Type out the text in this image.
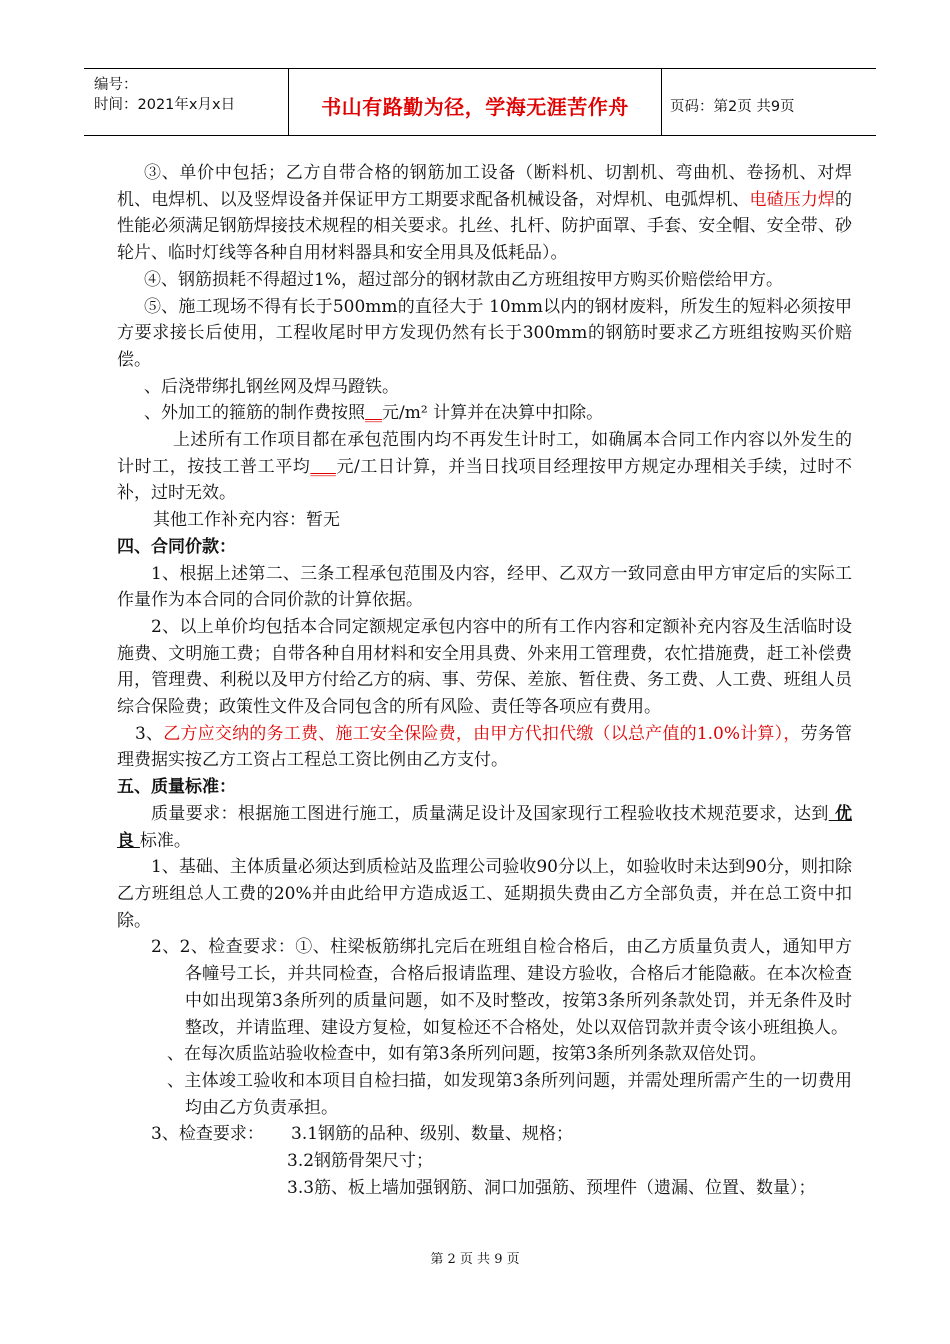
编号：
时间：2021年x月x日	书山有路勤为径，学海无涯苦作舟	页码：第2页 共9页

③、单价中包括；乙方自带合格的钢筋加工设备（断料机、切割机、弯曲机、卷扬机、对焊机、电焊机、以及竖焊设备并保证甲方工期要求配备机械设备，对焊机、电弧焊机、电碴压力焊的性能必须满足钢筋焊接技术规程的相关要求。扎丝、扎杆、防护面罩、手套、安全帽、安全带、砂轮片、临时灯线等各种自用材料器具和安全用具及低耗品）。

④、钢筋损耗不得超过1%，超过部分的钢材款由乙方班组按甲方购买价赔偿给甲方。

⑤、施工现场不得有长于500mm的直径大于 10mm以内的钢材废料，所发生的短料必须按甲方要求接长后使用，工程收尾时甲方发现仍然有长于300mm的钢筋时要求乙方班组按购买价赔偿。

、后浇带绑扎钢丝网及焊马蹬铁。

、外加工的箍筋的制作费按照__元/m² 计算并在决算中扣除。

上述所有工作项目都在承包范围内均不再发生计时工，如确属本合同工作内容以外发生的计时工，按技工普工平均___元/工日计算，并当日找项目经理按甲方规定办理相关手续，过时不补，过时无效。

其他工作补充内容：暂无

四、合同价款：

1、根据上述第二、三条工程承包范围及内容，经甲、乙双方一致同意由甲方审定后的实际工作量作为本合同的合同价款的计算依据。

2、以上单价均包括本合同定额规定承包内容中的所有工作内容和定额补充内容及生活临时设施费、文明施工费；自带各种自用材料和安全用具费、外来用工管理费，农忙措施费，赶工补偿费用，管理费、利税以及甲方付给乙方的病、事、劳保、差旅、暂住费、务工费、人工费、班组人员综合保险费；政策性文件及合同包含的所有风险、责任等各项应有费用。

3、乙方应交纳的务工费、施工安全保险费，由甲方代扣代缴（以总产值的1.0%计算），劳务管理费据实按乙方工资占工程总工资比例由乙方支付。

五、质量标准：

质量要求：根据施工图进行施工，质量满足设计及国家现行工程验收技术规范要求，达到 优良 标准。

1、基础、主体质量必须达到质检站及监理公司验收90分以上，如验收时未达到90分，则扣除乙方班组总人工费的20%并由此给甲方造成返工、延期损失费由乙方全部负责，并在总工资中扣除。

2、2、检查要求：①、柱梁板筋绑扎完后在班组自检合格后，由乙方质量负责人，通知甲方各幢号工长，并共同检查，合格后报请监理、建设方验收，合格后才能隐蔽。在本次检查中如出现第3条所列的质量问题，如不及时整改，按第3条所列条款处罚，并无条件及时整改，并请监理、建设方复检，如复检还不合格处，处以双倍罚款并责令该小班组换人。

、在每次质监站验收检查中，如有第3条所列问题，按第3条所列条款双倍处罚。

、主体竣工验收和本项目自检扫描，如发现第3条所列问题，并需处理所需产生的一切费用均由乙方负责承担。

3、检查要求： 3.1钢筋的品种、级别、数量、规格；

3.2钢筋骨架尺寸；

3.3筋、板上墙加强钢筋、洞口加强筋、预埋件（遗漏、位置、数量）；

第 2 页 共 9 页
